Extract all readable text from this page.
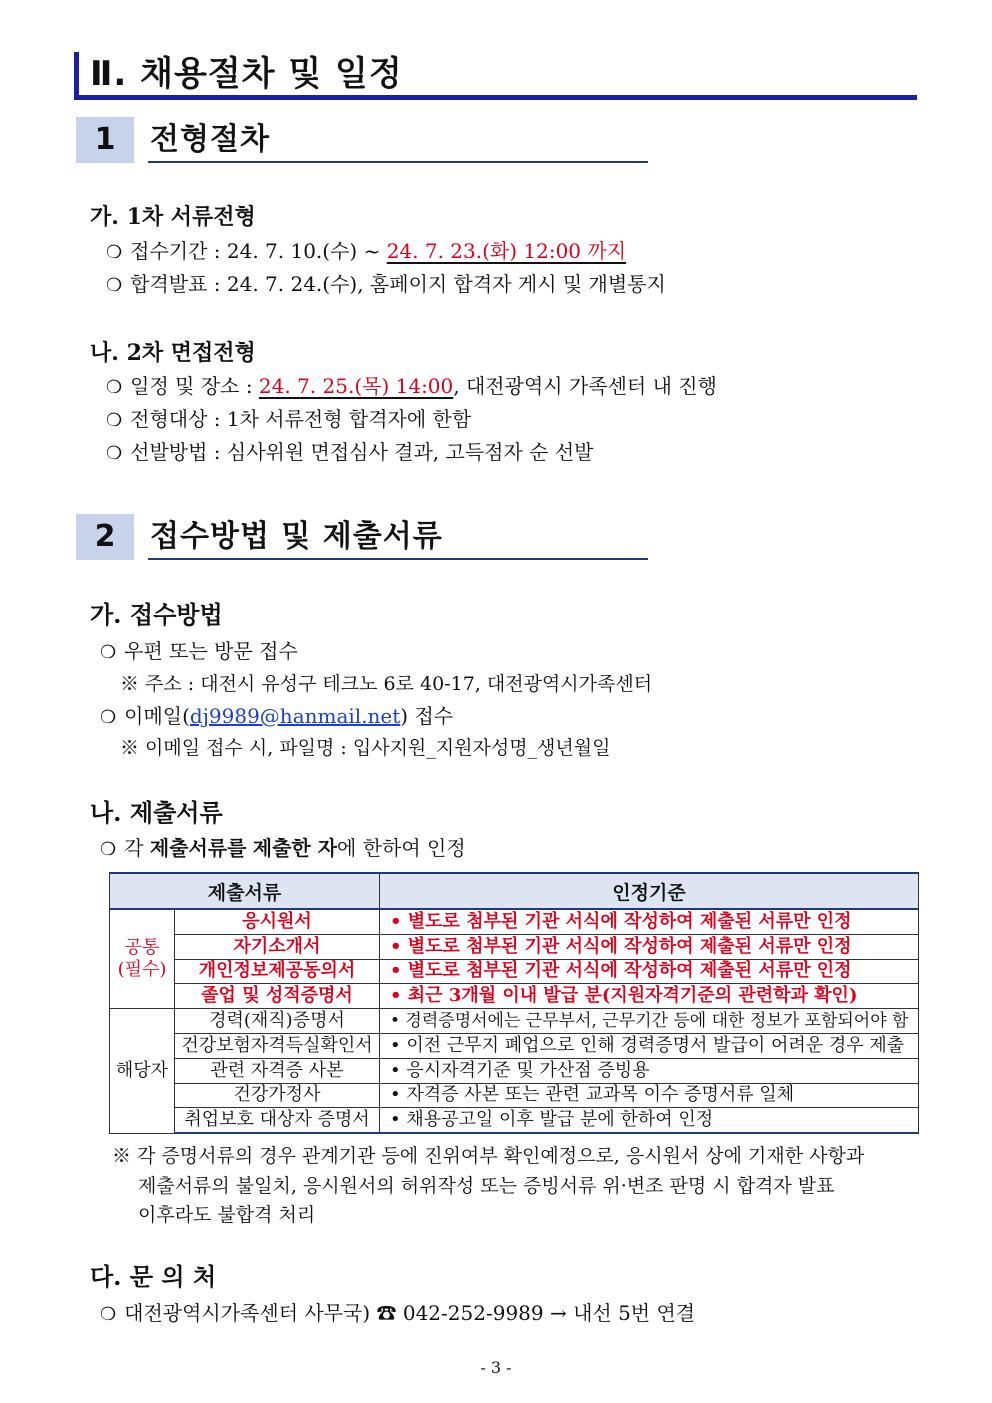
Ⅱ. 채용절차 및 일정
1	전형절차
가. 1차 서류전형
❍ 접수기간 : 24. 7. 10.(수) ~ 24. 7. 23.(화) 12:00 까지
❍ 합격발표 : 24. 7. 24.(수), 홈페이지 합격자 게시 및 개별통지
나. 2차 면접전형
❍ 일정 및 장소 : 24. 7. 25.(목) 14:00, 대전광역시 가족센터 내 진행
❍ 전형대상 : 1차 서류전형 합격자에 한함
❍ 선발방법 : 심사위원 면접심사 결과, 고득점자 순 선발
2	접수방법 및 제출서류
가. 접수방법
❍ 우편 또는 방문 접수
※ 주소 : 대전시 유성구 테크노 6로 40-17, 대전광역시가족센터
❍ 이메일(dj9989@hanmail.net) 접수
※ 이메일 접수 시, 파일명 : 입사지원_지원자성명_생년월일
나. 제출서류
❍ 각 제출서류를 제출한 자에 한하여 인정
제출서류		인정기준
공통
(필수)	응시원서	• 별도로 첨부된 기관 서식에 작성하여 제출된 서류만 인정
	자기소개서	• 별도로 첨부된 기관 서식에 작성하여 제출된 서류만 인정
	개인정보제공동의서	• 별도로 첨부된 기관 서식에 작성하여 제출된 서류만 인정
	졸업 및 성적증명서	• 최근 3개월 이내 발급 분(지원자격기준의 관련학과 확인)
해당자	경력(재직)증명서	• 경력증명서에는 근무부서, 근무기간 등에 대한 정보가 포함되어야 함
	건강보험자격득실확인서	• 이전 근무지 폐업으로 인해 경력증명서 발급이 어려운 경우 제출
	관련 자격증 사본	• 응시자격기준 및 가산점 증빙용
	건강가정사	• 자격증 사본 또는 관련 교과목 이수 증명서류 일체
	취업보호 대상자 증명서	• 채용공고일 이후 발급 분에 한하여 인정
※ 각 증명서류의 경우 관계기관 등에 진위여부 확인예정으로, 응시원서 상에 기재한 사항과
제출서류의 불일치, 응시원서의 허위작성 또는 증빙서류 위·변조 판명 시 합격자 발표
이후라도 불합격 처리
다. 문 의 처
❍ 대전광역시가족센터 사무국) ☎ 042-252-9989 → 내선 5번 연결
- 3 -
